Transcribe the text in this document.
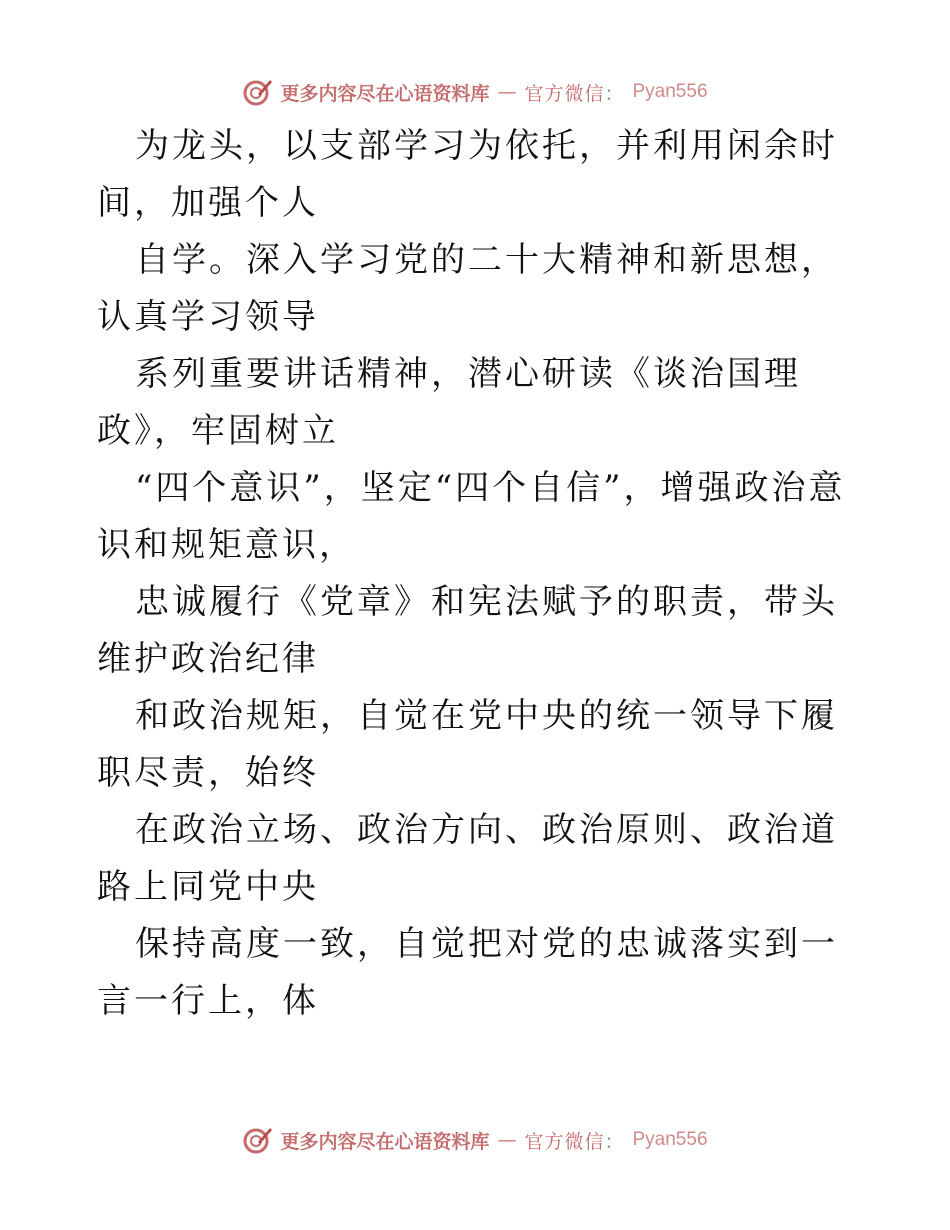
更多内容尽在心语资料库 — 官方微信： Pyan556

为龙头，以支部学习为依托，并利用闲余时间，加强个人

自学。深入学习党的二十大精神和新思想，认真学习领导

系列重要讲话精神，潜心研读《谈治国理政》，牢固树立

“四个意识”，坚定“四个自信”，增强政治意识和规矩意识，

忠诚履行《党章》和宪法赋予的职责，带头维护政治纪律

和政治规矩，自觉在党中央的统一领导下履职尽责，始终

在政治立场、政治方向、政治原则、政治道路上同党中央

保持高度一致，自觉把对党的忠诚落实到一言一行上，体

更多内容尽在心语资料库 — 官方微信： Pyan556
